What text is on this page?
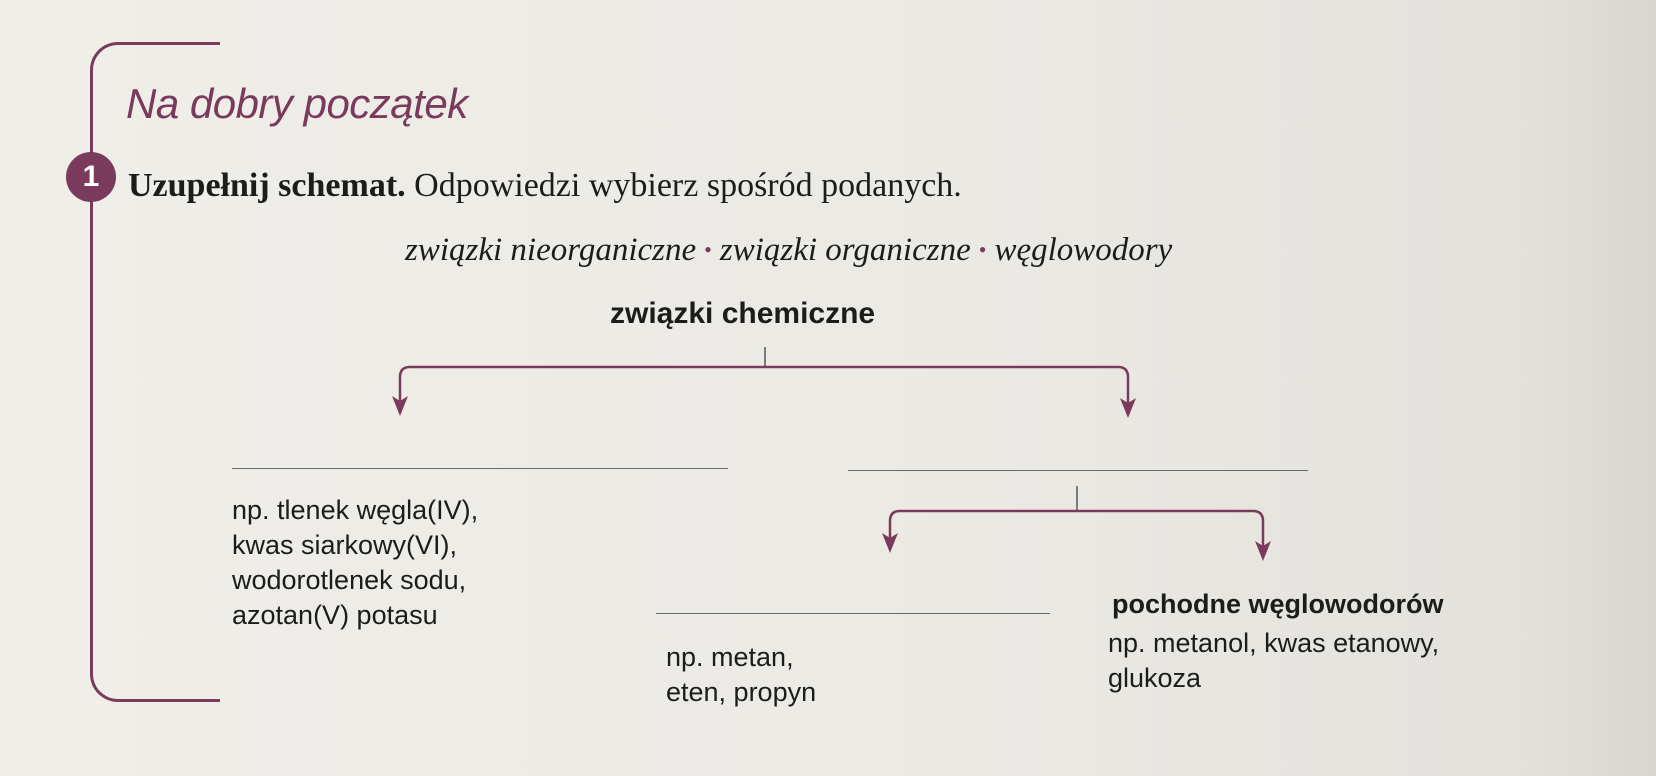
Na dobry początek
1 Uzupełnij schemat. Odpowiedzi wybierz spośród podanych.
związki nieorganiczne • związki organiczne • węglowodory
związki chemiczne
np. tlenek węgla(IV),
kwas siarkowy(VI),
wodorotlenek sodu,
azotan(V) potasu
np. metan,
eten, propyn
pochodne węglowodorów
np. metanol, kwas etanowy,
glukoza
